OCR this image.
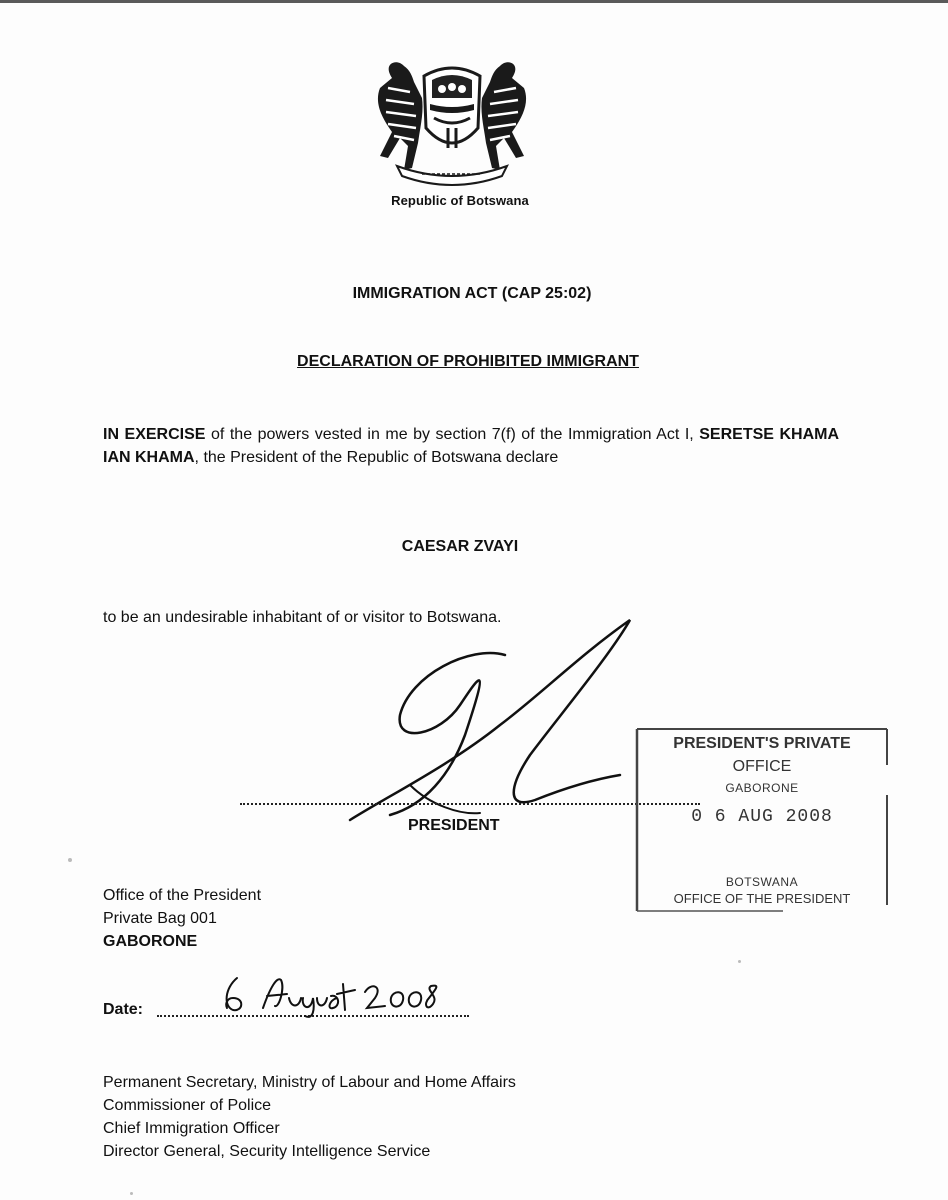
Republic of Botswana
IMMIGRATION ACT (CAP 25:02)
DECLARATION OF PROHIBITED IMMIGRANT
IN EXERCISE of the powers vested in me by section 7(f) of the Immigration Act I, SERETSE KHAMA IAN KHAMA, the President of the Republic of Botswana declare
CAESAR ZVAYI
to be an undesirable inhabitant of or visitor to Botswana.
PRESIDENT
PRESIDENT'S PRIVATE
OFFICE
GABORONE
0 6 AUG 2008
BOTSWANA
OFFICE OF THE PRESIDENT
Office of the President
Private Bag 001
GABORONE
Date:
Permanent Secretary, Ministry of Labour and Home Affairs
Commissioner of Police
Chief Immigration Officer
Director General, Security Intelligence Service
